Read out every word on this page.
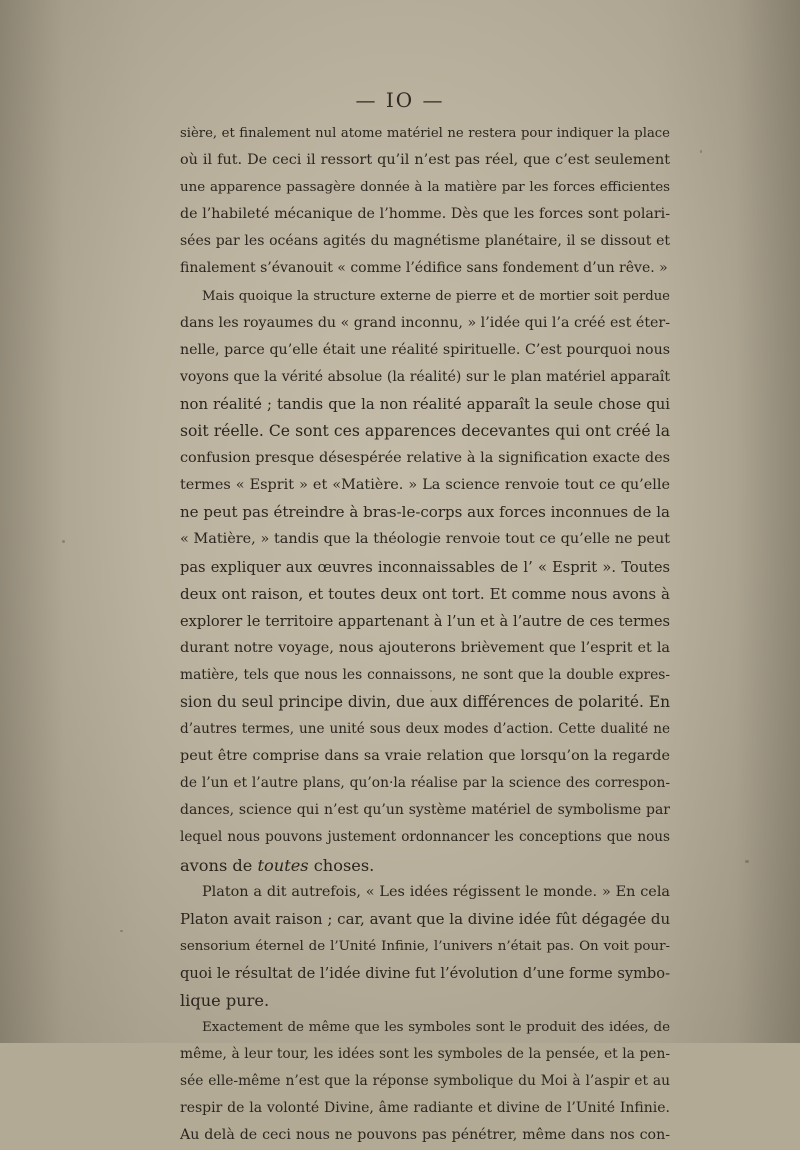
— IO —
sière, et finalement nul atome matériel ne restera pour indiquer la place
où il fut. De ceci il ressort qu’il n’est pas réel, que c’est seulement
une apparence passagère donnée à la matière par les forces efficientes
de l’habileté mécanique de l’homme. Dès que les forces sont polari-
sées par les océans agités du magnétisme planétaire, il se dissout et
finalement s’évanouit « comme l’édifice sans fondement d’un rêve. »
Mais quoique la structure externe de pierre et de mortier soit perdue
dans les royaumes du « grand inconnu, » l’idée qui l’a créé est éter-
nelle, parce qu’elle était une réalité spirituelle. C’est pourquoi nous
voyons que la vérité absolue (la réalité) sur le plan matériel apparaît
non réalité ; tandis que la non réalité apparaît la seule chose qui
soit réelle. Ce sont ces apparences decevantes qui ont créé la
confusion presque désespérée relative à la signification exacte des
termes « Esprit » et «Matière. » La science renvoie tout ce qu’elle
ne peut pas étreindre à bras-le-corps aux forces inconnues de la
« Matière, » tandis que la théologie renvoie tout ce qu’elle ne peut
pas expliquer aux œuvres inconnaissables de l’ « Esprit ». Toutes
deux ont raison, et toutes deux ont tort. Et comme nous avons à
explorer le territoire appartenant à l’un et à l’autre de ces termes
durant notre voyage, nous ajouterons brièvement que l’esprit et la
matière, tels que nous les connaissons, ne sont que la double expres-
sion du seul principe divin, due aux différences de polarité. En
d’autres termes, une unité sous deux modes d’action. Cette dualité ne
peut être comprise dans sa vraie relation que lorsqu’on la regarde
de l’un et l’autre plans, qu’on·la réalise par la science des correspon-
dances, science qui n’est qu’un système matériel de symbolisme par
lequel nous pouvons justement ordonnancer les conceptions que nous
avons de toutes choses.
Platon a dit autrefois, « Les idées régissent le monde. » En cela
Platon avait raison ; car, avant que la divine idée fût dégagée du
sensorium éternel de l’Unité Infinie, l’univers n’était pas. On voit pour-
quoi le résultat de l’idée divine fut l’évolution d’une forme symbo-
lique pure.
Exactement de même que les symboles sont le produit des idées, de
même, à leur tour, les idées sont les symboles de la pensée, et la pen-
sée elle-même n’est que la réponse symbolique du Moi à l’aspir et au
respir de la volonté Divine, âme radiante et divine de l’Unité Infinie.
Au delà de ceci nous ne pouvons pas pénétrer, même dans nos con-
